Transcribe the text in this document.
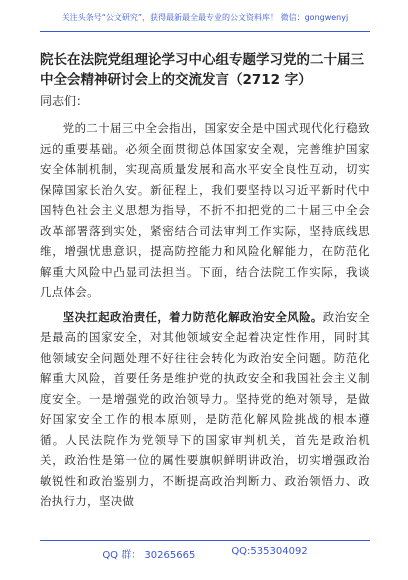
关注头条号“公文研究”，获得最新最全最专业的公文资料库！ 微信：gongwenyj
院长在法院党组理论学习中心组专题学习党的二十届三中全会精神研讨会上的交流发言（2712 字）
同志们：

党的二十届三中全会指出，国家安全是中国式现代化行稳致远的重要基础。必须全面贯彻总体国家安全观，完善维护国家安全体制机制，实现高质量发展和高水平安全良性互动，切实保障国家长治久安。新征程上，我们要坚持以习近平新时代中国特色社会主义思想为指导，不折不扣把党的二十届三中全会改革部署落到实处，紧密结合司法审判工作实际，坚持底线思维，增强忧患意识，提高防控能力和风险化解能力，在防范化解重大风险中凸显司法担当。下面，结合法院工作实际，我谈几点体会。

坚决扛起政治责任，着力防范化解政治安全风险。政治安全是最高的国家安全，对其他领域安全起着决定性作用，同时其他领域安全问题处理不好往往会转化为政治安全问题。防范化解重大风险，首要任务是维护党的执政安全和我国社会主义制度安全。一是增强党的政治领导力。坚持党的绝对领导，是做好国家安全工作的根本原则，是防范化解风险挑战的根本遵循。人民法院作为党领导下的国家审判机关，首先是政治机关，政治性是第一位的属性要旗帜鲜明讲政治，切实增强政治敏锐性和政治鉴别力，不断提高政治判断力、政治领悟力、政治执行力，坚决做

QQ 群： 30265665	QQ:535304092
